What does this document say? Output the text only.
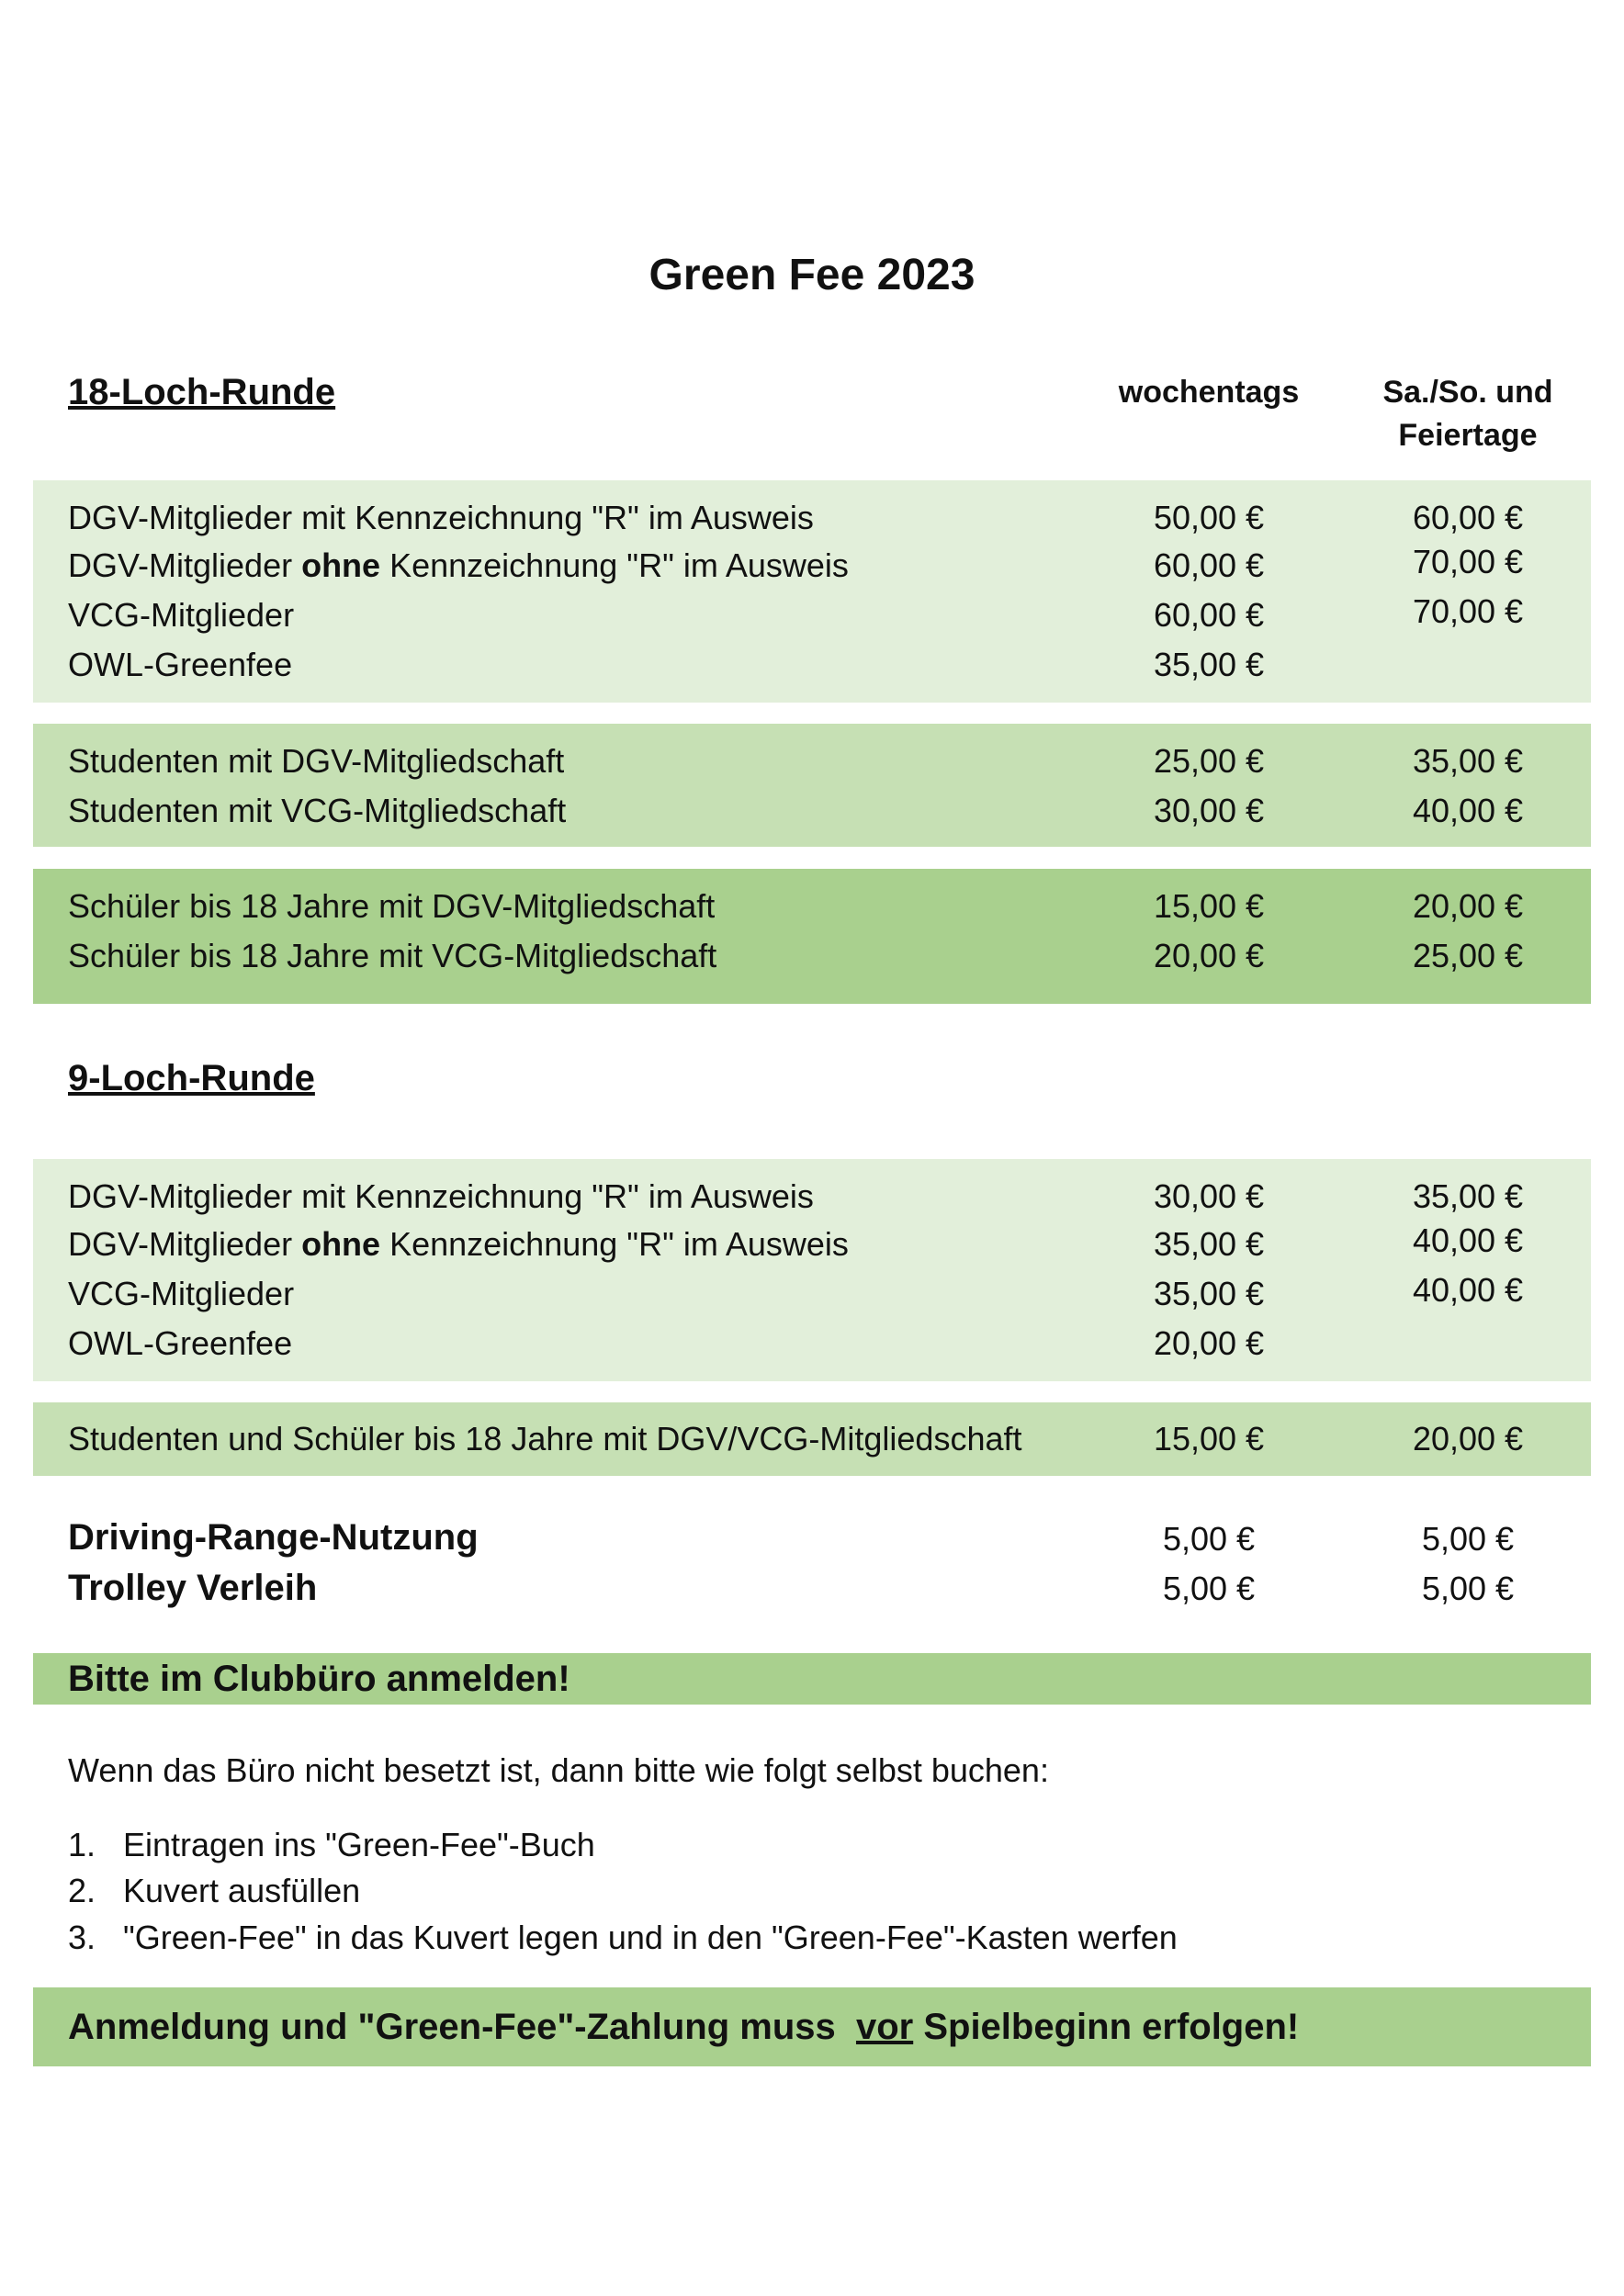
Green Fee 2023
18-Loch-Runde	wochentags	Sa./So. und
Feiertage
DGV-Mitglieder mit Kennzeichnung "R" im Ausweis	50,00 €	60,00 €
DGV-Mitglieder ohne Kennzeichnung "R" im Ausweis	60,00 €	70,00 €
VCG-Mitglieder	60,00 €	70,00 €
OWL-Greenfee	35,00 €
Studenten mit DGV-Mitgliedschaft	25,00 €	35,00 €
Studenten mit VCG-Mitgliedschaft	30,00 €	40,00 €
Schüler bis 18 Jahre mit DGV-Mitgliedschaft	15,00 €	20,00 €
Schüler bis 18 Jahre mit VCG-Mitgliedschaft	20,00 €	25,00 €
9-Loch-Runde
DGV-Mitglieder mit Kennzeichnung "R" im Ausweis	30,00 €	35,00 €
DGV-Mitglieder ohne Kennzeichnung "R" im Ausweis	35,00 €	40,00 €
VCG-Mitglieder	35,00 €	40,00 €
OWL-Greenfee	20,00 €
Studenten und Schüler bis 18 Jahre mit DGV/VCG-Mitgliedschaft	15,00 €	20,00 €
Driving-Range-Nutzung	5,00 €	5,00 €
Trolley Verleih	5,00 €	5,00 €
Bitte im Clubbüro anmelden!
Wenn das Büro nicht besetzt ist, dann bitte wie folgt selbst buchen:
1. Eintragen ins "Green-Fee"-Buch
2. Kuvert ausfüllen
3. "Green-Fee" in das Kuvert legen und in den "Green-Fee"-Kasten werfen
Anmeldung und "Green-Fee"-Zahlung muss  vor Spielbeginn erfolgen!
